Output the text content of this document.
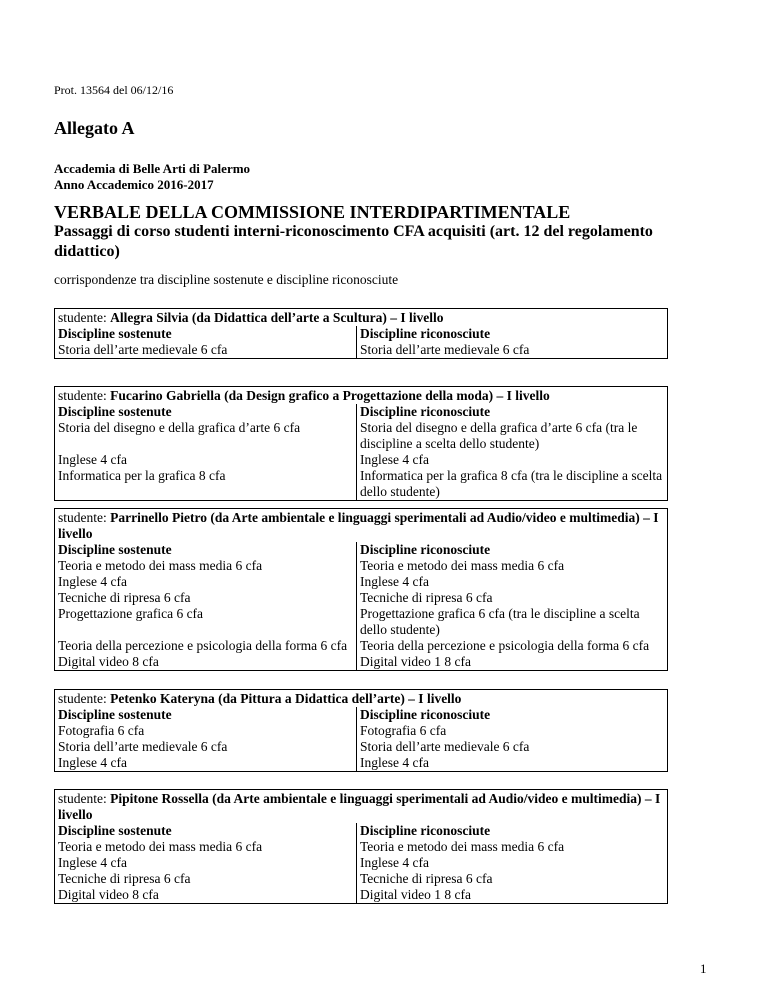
Prot. 13564 del 06/12/16
Allegato A
Accademia di Belle Arti di Palermo
Anno Accademico 2016-2017
VERBALE DELLA COMMISSIONE INTERDIPARTIMENTALE
Passaggi di corso studenti interni-riconoscimento CFA acquisiti (art. 12 del regolamento didattico)
corrispondenze tra discipline sostenute e discipline riconosciute
studente: Allegra Silvia (da Didattica dell’arte a Scultura) – I livello
Discipline sostenute	Discipline riconosciute
Storia dell’arte medievale 6 cfa	Storia dell’arte medievale 6 cfa
studente: Fucarino Gabriella (da Design grafico a Progettazione della moda) – I livello
Discipline sostenute	Discipline riconosciute
Storia del disegno e della grafica d’arte 6 cfa	Storia del disegno e della grafica d’arte 6 cfa (tra le discipline a scelta dello studente)
Inglese 4 cfa	Inglese 4 cfa
Informatica per la grafica 8 cfa	Informatica per la grafica 8 cfa (tra le discipline a scelta dello studente)
studente: Parrinello Pietro (da Arte ambientale e linguaggi sperimentali ad Audio/video e multimedia) – I livello
Discipline sostenute	Discipline riconosciute
Teoria e metodo dei mass media 6 cfa	Teoria e metodo dei mass media 6 cfa
Inglese 4 cfa	Inglese 4 cfa
Tecniche di ripresa 6 cfa	Tecniche di ripresa 6 cfa
Progettazione grafica 6 cfa	Progettazione grafica 6 cfa (tra le discipline a scelta dello studente)
Teoria della percezione e psicologia della forma 6 cfa Teoria della percezione e psicologia della forma 6 cfa
Digital video 8 cfa	Digital video 1 8 cfa
studente: Petenko Kateryna (da Pittura a Didattica dell’arte) – I livello
Discipline sostenute	Discipline riconosciute
Fotografia 6 cfa	Fotografia 6 cfa
Storia dell’arte medievale 6 cfa	Storia dell’arte medievale 6 cfa
Inglese 4 cfa	Inglese 4 cfa
studente: Pipitone Rossella (da Arte ambientale e linguaggi sperimentali ad Audio/video e multimedia) – I livello
Discipline sostenute	Discipline riconosciute
Teoria e metodo dei mass media 6 cfa	Teoria e metodo dei mass media 6 cfa
Inglese 4 cfa	Inglese 4 cfa
Tecniche di ripresa 6 cfa	Tecniche di ripresa 6 cfa
Digital video 8 cfa	Digital video 1 8 cfa
1
